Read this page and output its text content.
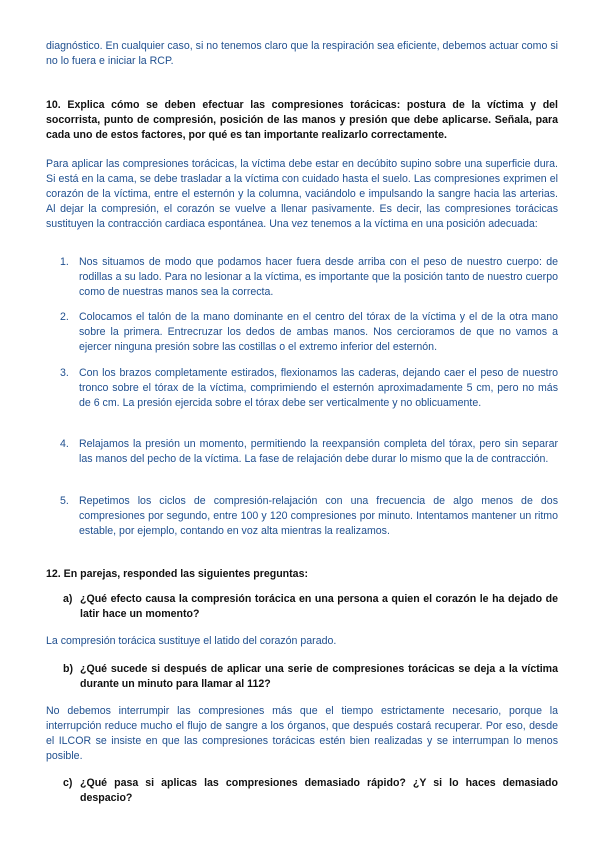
diagnóstico. En cualquier caso, si no tenemos claro que la respiración sea eficiente, debemos actuar como si no lo fuera e iniciar la RCP.

10. Explica cómo se deben efectuar las compresiones torácicas: postura de la víctima y del socorrista, punto de compresión, posición de las manos y presión que debe aplicarse. Señala, para cada uno de estos factores, por qué es tan importante realizarlo correctamente.

Para aplicar las compresiones torácicas, la víctima debe estar en decúbito supino sobre una superficie dura. Si está en la cama, se debe trasladar a la víctima con cuidado hasta el suelo. Las compresiones exprimen el corazón de la víctima, entre el esternón y la columna, vaciándolo e impulsando la sangre hacia las arterias. Al dejar la compresión, el corazón se vuelve a llenar pasivamente. Es decir, las compresiones torácicas sustituyen la contracción cardiaca espontánea. Una vez tenemos a la víctima en una posición adecuada:

1. Nos situamos de modo que podamos hacer fuera desde arriba con el peso de nuestro cuerpo: de rodillas a su lado. Para no lesionar a la víctima, es importante que la posición tanto de nuestro cuerpo como de nuestras manos sea la correcta.

2. Colocamos el talón de la mano dominante en el centro del tórax de la víctima y el de la otra mano sobre la primera. Entrecruzar los dedos de ambas manos. Nos cercioramos de que no vamos a ejercer ninguna presión sobre las costillas o el extremo inferior del esternón.

3. Con los brazos completamente estirados, flexionamos las caderas, dejando caer el peso de nuestro tronco sobre el tórax de la víctima, comprimiendo el esternón aproximadamente 5 cm, pero no más de 6 cm. La presión ejercida sobre el tórax debe ser verticalmente y no oblicuamente.

4. Relajamos la presión un momento, permitiendo la reexpansión completa del tórax, pero sin separar las manos del pecho de la víctima. La fase de relajación debe durar lo mismo que la de contracción.

5. Repetimos los ciclos de compresión-relajación con una frecuencia de algo menos de dos compresiones por segundo, entre 100 y 120 compresiones por minuto. Intentamos mantener un ritmo estable, por ejemplo, contando en voz alta mientras la realizamos.

12. En parejas, responded las siguientes preguntas:

a) ¿Qué efecto causa la compresión torácica en una persona a quien el corazón le ha dejado de latir hace un momento?

La compresión torácica sustituye el latido del corazón parado.

b) ¿Qué sucede si después de aplicar una serie de compresiones torácicas se deja a la víctima durante un minuto para llamar al 112?

No debemos interrumpir las compresiones más que el tiempo estrictamente necesario, porque la interrupción reduce mucho el flujo de sangre a los órganos, que después costará recuperar. Por eso, desde el ILCOR se insiste en que las compresiones torácicas estén bien realizadas y se interrumpan lo menos posible.

c) ¿Qué pasa si aplicas las compresiones demasiado rápido? ¿Y si lo haces demasiado despacio?
